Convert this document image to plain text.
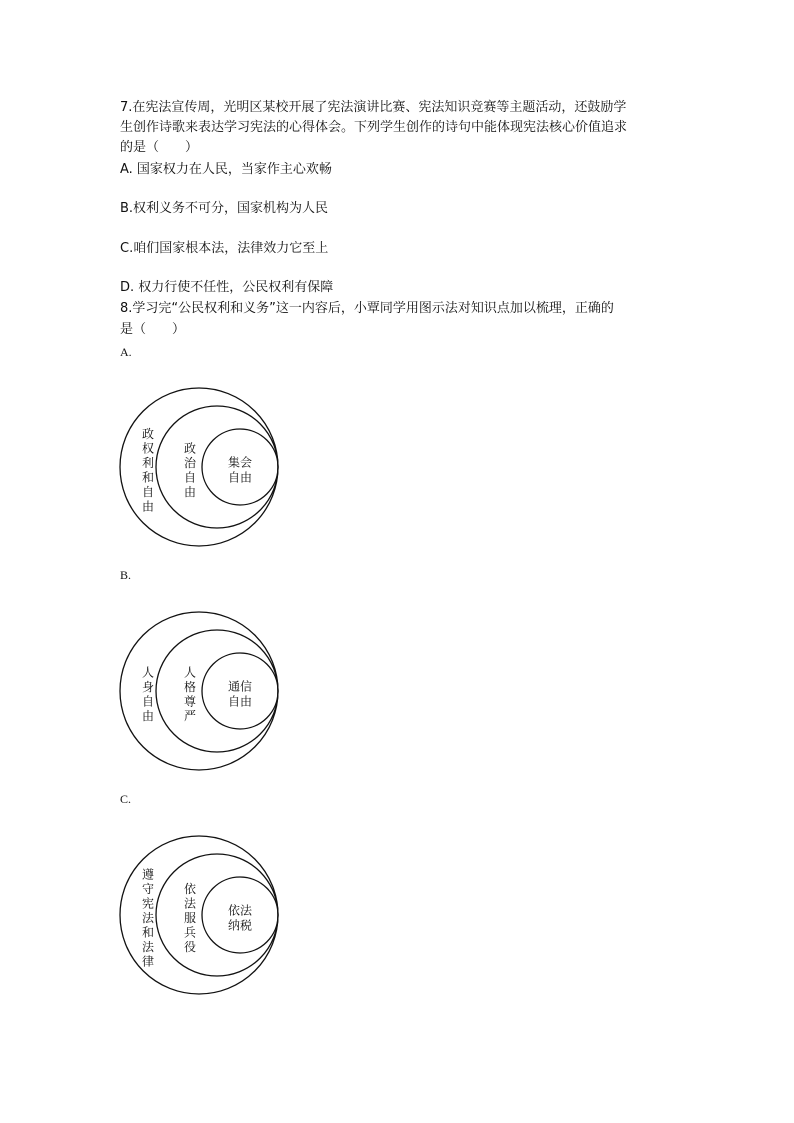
7.在宪法宣传周，光明区某校开展了宪法演讲比赛、宪法知识竞赛等主题活动，还鼓励学
生创作诗歌来表达学习宪法的心得体会。下列学生创作的诗句中能体现宪法核心价值追求
的是（　　）
A. 国家权力在人民，当家作主心欢畅
B.权利义务不可分，国家机构为人民
C.咱们国家根本法，法律效力它至上
D. 权力行使不任性，公民权利有保障
8.学习完“公民权利和义务”这一内容后，小覃同学用图示法对知识点加以梳理，正确的
是（　　）
A.
政
权
利
和
自
由
政
治
自
由
集会
自由
B.
人
身
自
由
人
格
尊
严
通信
自由
C.
遵
守
宪
法
和
法
律
依
法
服
兵
役
依法
纳税
